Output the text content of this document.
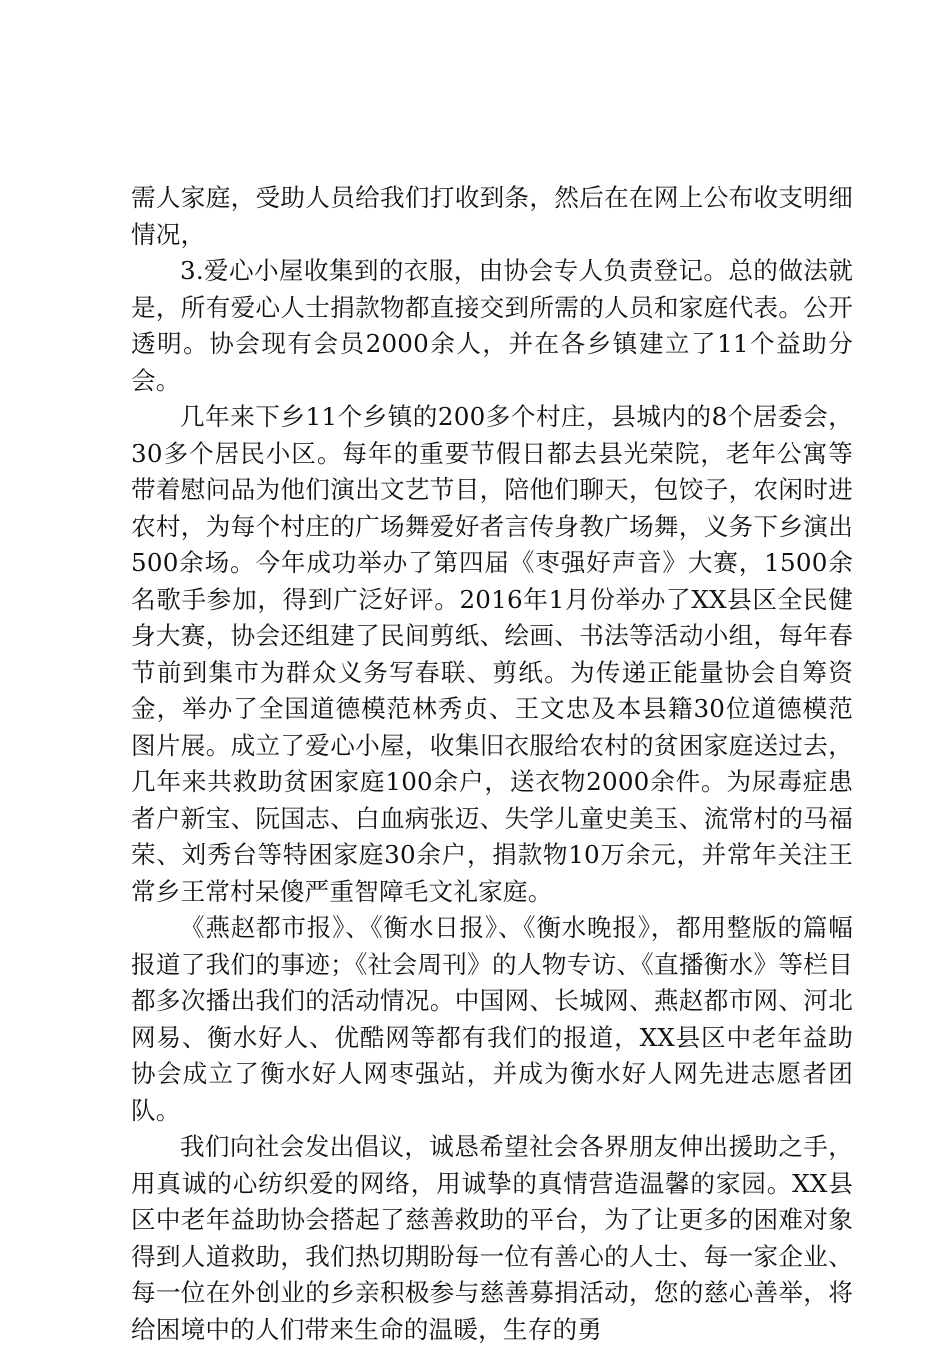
需人家庭，受助人员给我们打收到条，然后在在网上公布收支明细情况，

3.爱心小屋收集到的衣服，由协会专人负责登记。总的做法就是，所有爱心人士捐款物都直接交到所需的人员和家庭代表。公开透明。协会现有会员2000余人，并在各乡镇建立了11个益助分会。

几年来下乡11个乡镇的200多个村庄，县城内的8个居委会，30多个居民小区。每年的重要节假日都去县光荣院，老年公寓等带着慰问品为他们演出文艺节目，陪他们聊天，包饺子，农闲时进农村，为每个村庄的广场舞爱好者言传身教广场舞，义务下乡演出500余场。今年成功举办了第四届《枣强好声音》大赛，1500余名歌手参加，得到广泛好评。2016年1月份举办了XX县区全民健身大赛，协会还组建了民间剪纸、绘画、书法等活动小组，每年春节前到集市为群众义务写春联、剪纸。为传递正能量协会自筹资金，举办了全国道德模范林秀贞、王文忠及本县籍30位道德模范图片展。成立了爱心小屋，收集旧衣服给农村的贫困家庭送过去，几年来共救助贫困家庭100余户，送衣物2000余件。为尿毒症患者户新宝、阮国志、白血病张迈、失学儿童史美玉、流常村的马福荣、刘秀台等特困家庭30余户，捐款物10万余元，并常年关注王常乡王常村呆傻严重智障毛文礼家庭。

《燕赵都市报》、《衡水日报》、《衡水晚报》，都用整版的篇幅报道了我们的事迹；《社会周刊》的人物专访、《直播衡水》等栏目都多次播出我们的活动情况。中国网、长城网、燕赵都市网、河北网易、衡水好人、优酷网等都有我们的报道，XX县区中老年益助协会成立了衡水好人网枣强站，并成为衡水好人网先进志愿者团队。

我们向社会发出倡议，诚恳希望社会各界朋友伸出援助之手，用真诚的心纺织爱的网络，用诚挚的真情营造温馨的家园。XX县区中老年益助协会搭起了慈善救助的平台，为了让更多的困难对象得到人道救助，我们热切期盼每一位有善心的人士、每一家企业、每一位在外创业的乡亲积极参与慈善募捐活动，您的慈心善举，将给困境中的人们带来生命的温暖，生存的勇
